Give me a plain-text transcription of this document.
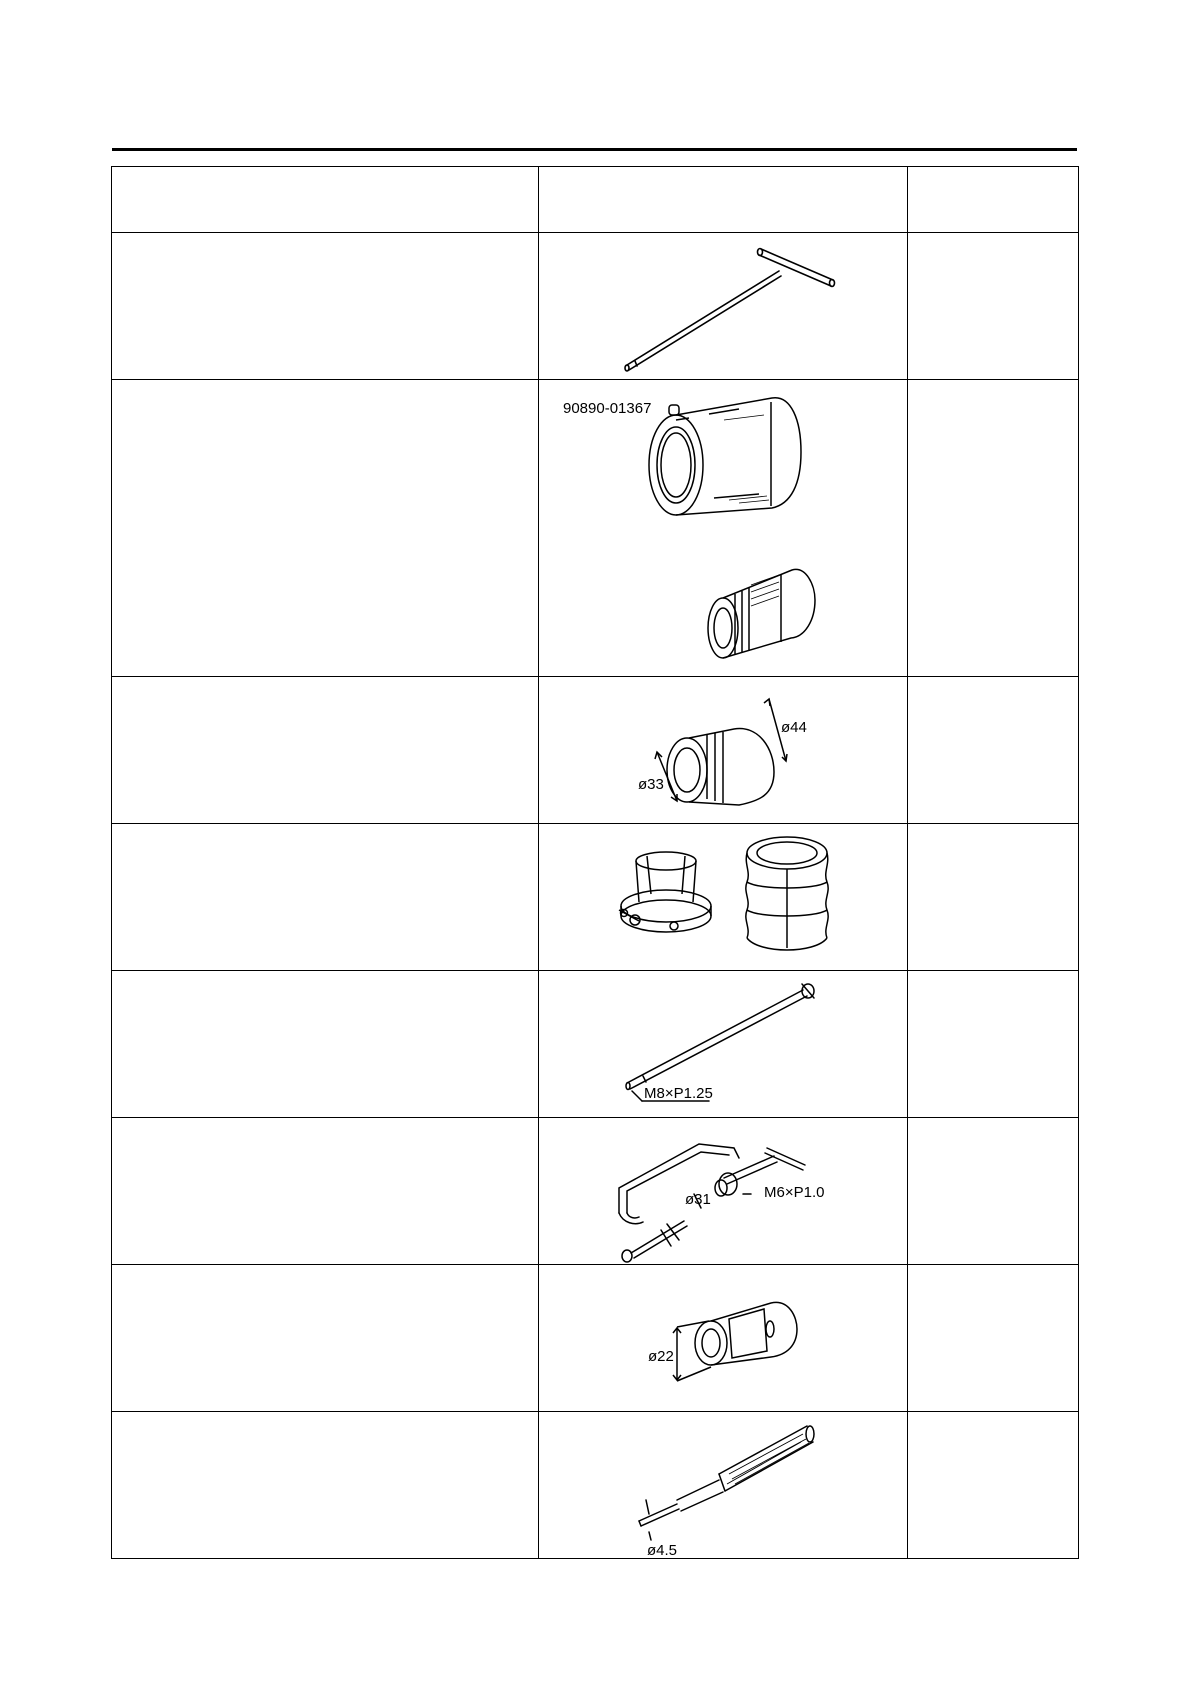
90890-01367	

ø44
ø33	

M8×P1.25	

ø31 M6×P1.0	

ø22	

ø4.5	
